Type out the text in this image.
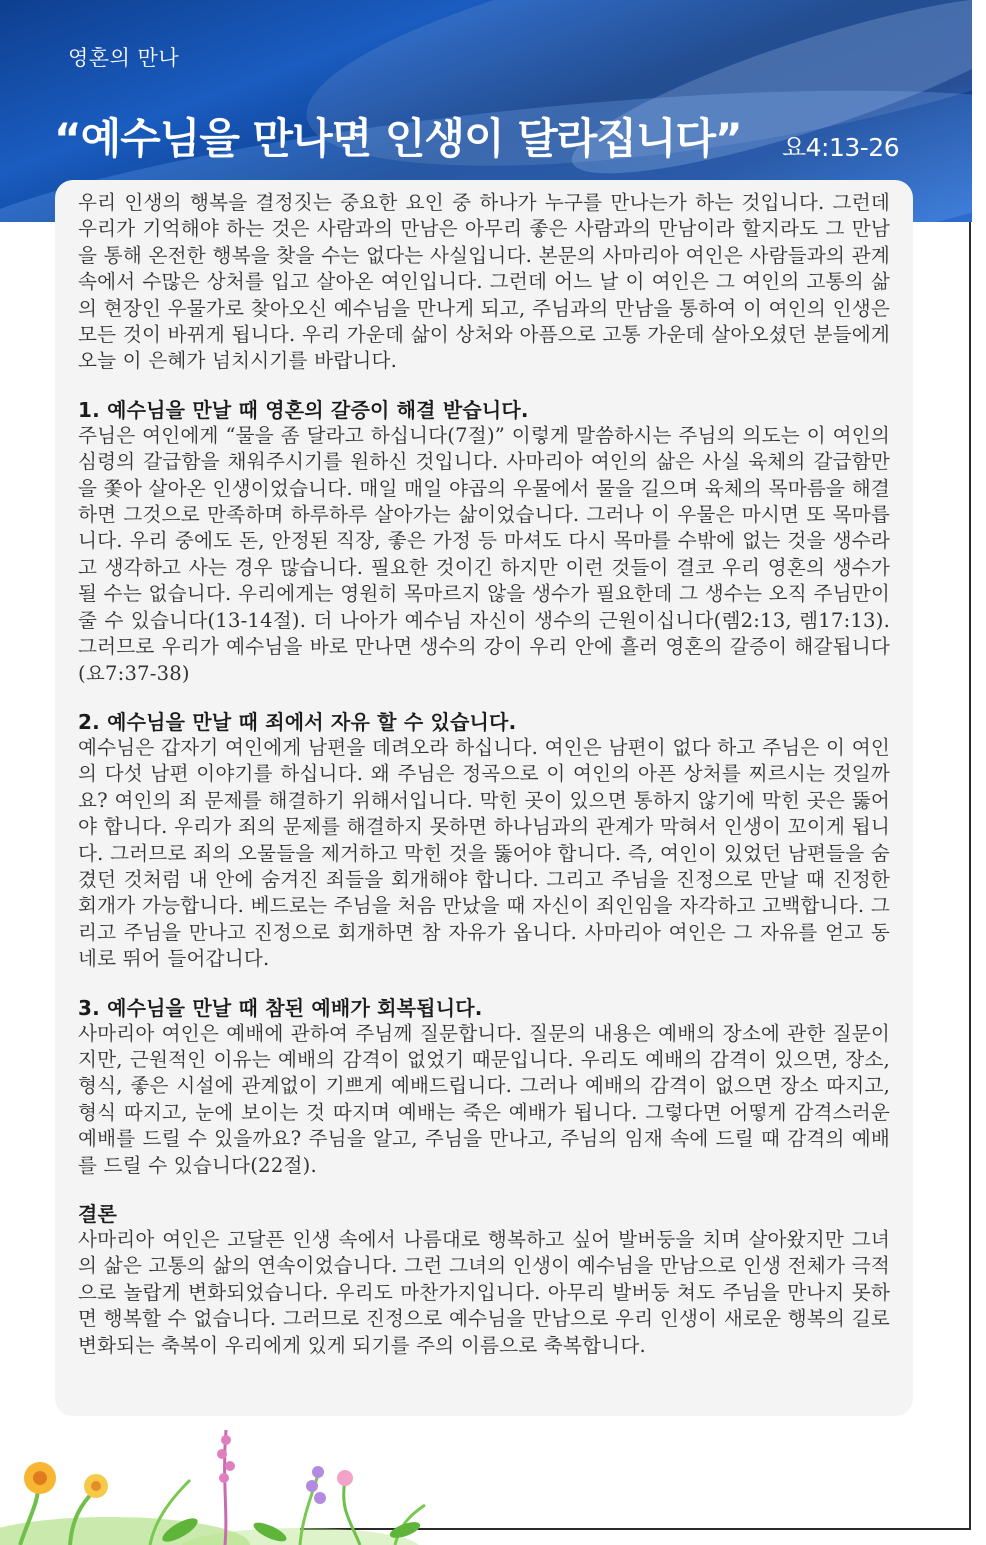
영혼의 만나
“예수님을 만나면 인생이 달라집니다” 요4:13-26

우리 인생의 행복을 결정짓는 중요한 요인 중 하나가 누구를 만나는가 하는 것입니다. 그런데 우리가 기억해야 하는 것은 사람과의 만남은 아무리 좋은 사람과의 만남이라 할지라도 그 만남을 통해 온전한 행복을 찾을 수는 없다는 사실입니다. 본문의 사마리아 여인은 사람들과의 관계 속에서 수많은 상처를 입고 살아온 여인입니다. 그런데 어느 날 이 여인은 그 여인의 고통의 삶의 현장인 우물가로 찾아오신 예수님을 만나게 되고, 주님과의 만남을 통하여 이 여인의 인생은 모든 것이 바뀌게 됩니다. 우리 가운데 삶이 상처와 아픔으로 고통 가운데 살아오셨던 분들에게 오늘 이 은혜가 넘치시기를 바랍니다.

1. 예수님을 만날 때 영혼의 갈증이 해결 받습니다.

주님은 여인에게 “물을 좀 달라고 하십니다(7절)” 이렇게 말씀하시는 주님의 의도는 이 여인의 심령의 갈급함을 채워주시기를 원하신 것입니다. 사마리아 여인의 삶은 사실 육체의 갈급함만을 쫓아 살아온 인생이었습니다. 매일 매일 야곱의 우물에서 물을 길으며 육체의 목마름을 해결하면 그것으로 만족하며 하루하루 살아가는 삶이었습니다. 그러나 이 우물은 마시면 또 목마릅니다. 우리 중에도 돈, 안정된 직장, 좋은 가정 등 마셔도 다시 목마를 수밖에 없는 것을 생수라고 생각하고 사는 경우 많습니다. 필요한 것이긴 하지만 이런 것들이 결코 우리 영혼의 생수가 될 수는 없습니다. 우리에게는 영원히 목마르지 않을 생수가 필요한데 그 생수는 오직 주님만이 줄 수 있습니다(13-14절). 더 나아가 예수님 자신이 생수의 근원이십니다(렘2:13, 렘17:13). 그러므로 우리가 예수님을 바로 만나면 생수의 강이 우리 안에 흘러 영혼의 갈증이 해갈됩니다(요7:37-38)

2. 예수님을 만날 때 죄에서 자유 할 수 있습니다.

예수님은 갑자기 여인에게 남편을 데려오라 하십니다. 여인은 남편이 없다 하고 주님은 이 여인의 다섯 남편 이야기를 하십니다. 왜 주님은 정곡으로 이 여인의 아픈 상처를 찌르시는 것일까요? 여인의 죄 문제를 해결하기 위해서입니다. 막힌 곳이 있으면 통하지 않기에 막힌 곳은 뚫어야 합니다. 우리가 죄의 문제를 해결하지 못하면 하나님과의 관계가 막혀서 인생이 꼬이게 됩니다. 그러므로 죄의 오물들을 제거하고 막힌 것을 뚫어야 합니다. 즉, 여인이 있었던 남편들을 숨겼던 것처럼 내 안에 숨겨진 죄들을 회개해야 합니다. 그리고 주님을 진정으로 만날 때 진정한 회개가 가능합니다. 베드로는 주님을 처음 만났을 때 자신이 죄인임을 자각하고 고백합니다. 그리고 주님을 만나고 진정으로 회개하면 참 자유가 옵니다. 사마리아 여인은 그 자유를 얻고 동네로 뛰어 들어갑니다.

3. 예수님을 만날 때 참된 예배가 회복됩니다.

사마리아 여인은 예배에 관하여 주님께 질문합니다. 질문의 내용은 예배의 장소에 관한 질문이지만, 근원적인 이유는 예배의 감격이 없었기 때문입니다. 우리도 예배의 감격이 있으면, 장소, 형식, 좋은 시설에 관계없이 기쁘게 예배드립니다. 그러나 예배의 감격이 없으면 장소 따지고, 형식 따지고, 눈에 보이는 것 따지며 예배는 죽은 예배가 됩니다. 그렇다면 어떻게 감격스러운 예배를 드릴 수 있을까요? 주님을 알고, 주님을 만나고, 주님의 임재 속에 드릴 때 감격의 예배를 드릴 수 있습니다(22절).

결론

사마리아 여인은 고달픈 인생 속에서 나름대로 행복하고 싶어 발버둥을 치며 살아왔지만 그녀의 삶은 고통의 삶의 연속이었습니다. 그런 그녀의 인생이 예수님을 만남으로 인생 전체가 극적으로 놀랍게 변화되었습니다. 우리도 마찬가지입니다. 아무리 발버둥 쳐도 주님을 만나지 못하면 행복할 수 없습니다. 그러므로 진정으로 예수님을 만남으로 우리 인생이 새로운 행복의 길로 변화되는 축복이 우리에게 있게 되기를 주의 이름으로 축복합니다.
